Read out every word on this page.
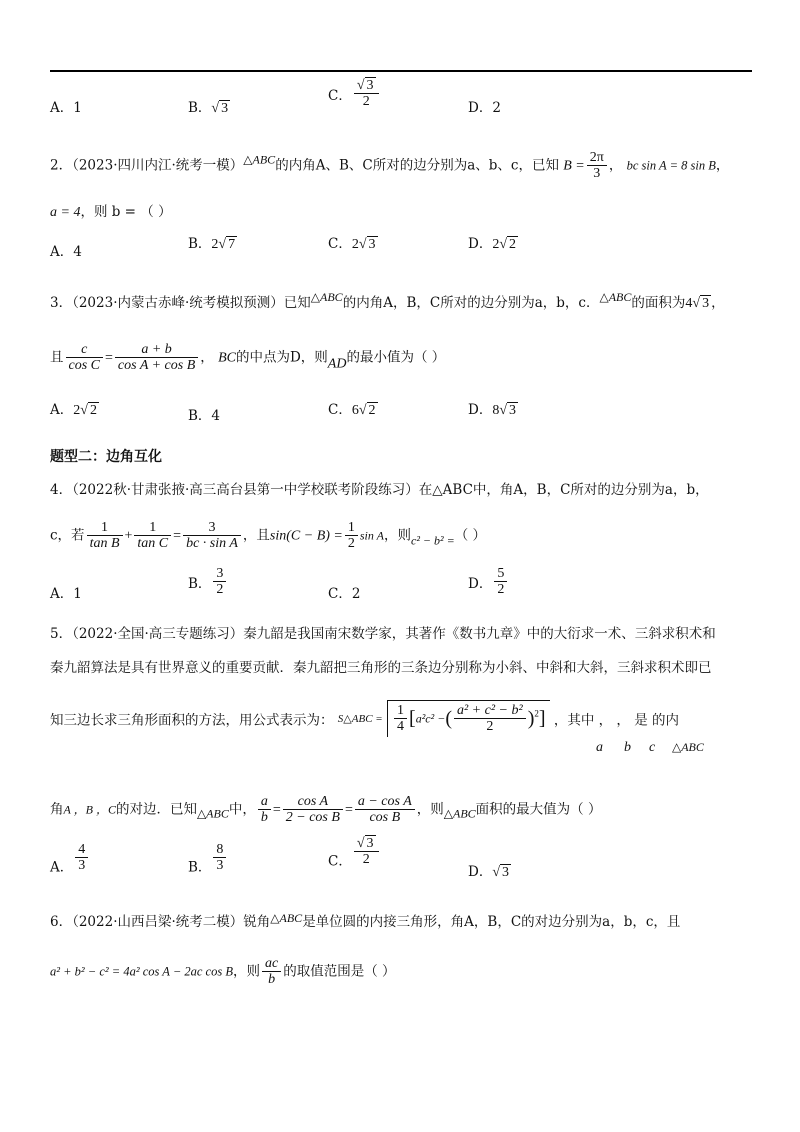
A．1	B．√ 3
C． $\frac{√ 3}{2}$	D．2
2．（2023·四川内江·统考一模）△ABC的内角A、B、C所对的边分别为a、b、c，已知 $B = \frac{2\pi}{3}$ ， bc sin A = 8 sin B，
a = 4，则 b = （ ）
A．4	B．2√ 7	C．2√ 3	D．2√ 2
3．（2023·内蒙古赤峰·统考模拟预测）已知△ABC的内角A，B，C所对的边分别为a，b，c．△ABC的面积为4√ 3 ，
且 $\frac{c}{\text{cos C}} = \frac{a + b}{\text{cos A + cos B}}$ ， BC的中点为D，则AD的最小值为（ ）
A．2√ 2	B．4	C．6√ 2	D．8√ 3
题型二：边角互化
4．（2022秋·甘肃张掖·高三高台县第一中学校联考阶段练习）在△ABC中，角A，B，C所对的边分别为a，b，
c，若 $\frac{1}{\text{tan B}} + \frac{1}{\text{tan C}} = \frac{3}{\text{bc · sin A}}$ ，且$\sin(C - B) = \frac{1}{2}$ sin A，则c² − b² =（ ）
A．1
B． $\frac{3}{2}$	C．2
D． $\frac{5}{2}$
5．（2022·全国·高三专题练习）秦九韶是我国南宋数学家，其著作《数书九章》中的大衍求一术、三斜求积术和
秦九韶算法是具有世界意义的重要贡献．秦九韶把三角形的三条边分别称为小斜、中斜和大斜，三斜求积术即已
知三边长求三角形面积的方法，用公式表示为： S△ABC = $\frac{1}{4} [a^2c^2$ −( $\frac{\text{a² + c² − b²}}{2} )^2$] ，其中 ， ， 是 的内
a b c △ABC
角A ，B ，C的对边．已知△ABC中， $\frac{a}{b} = \frac{\text{cos A}}{\text{2 − cos B}} = \frac{\text{a − cos A}}{\text{cos B}}$ ，则△ABC面积的最大值为（ ）
A． $\frac{4}{3}$	B． $\frac{8}{3}$	C． $\frac{√ 3}{2}$
D．√ 3
6．（2022·山西吕梁·统考二模）锐角△ABC是单位圆的内接三角形，角A，B，C的对边分别为a，b，c，且
a² + b² − c² = 4a² cos A − 2ac cos B，则 $\frac{ac}{b}$ 的取值范围是（ ）
